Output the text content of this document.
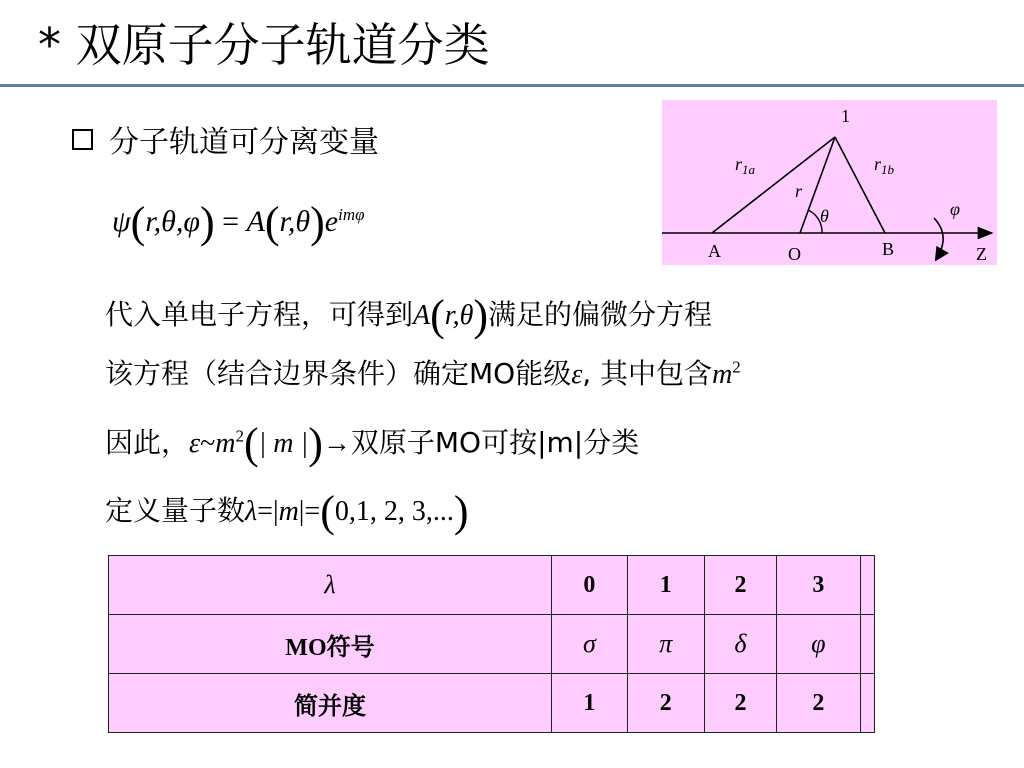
* 双原子分子轨道分类
分子轨道可分离变量
$\psi(r,\theta,\varphi) = A(r,\theta)e^{im\varphi}$
代入单电子方程，可得到A(r,θ)满足的偏微分方程
该方程（结合边界条件）确定MO能级ε, 其中包含$m^2$
因此，$\varepsilon\sim m^2(|$ m |)→双原子MO可按|m|分类
定义量子数λ=|m|=(0,1, 2, 3,...)
1
$r_{1a}$	$r_{1b}$
r
θ	φ
A	O	B	Z
λ	0	1	2	3	
MO符号	σ	π	δ	φ	
简并度	1	2	2	2	
